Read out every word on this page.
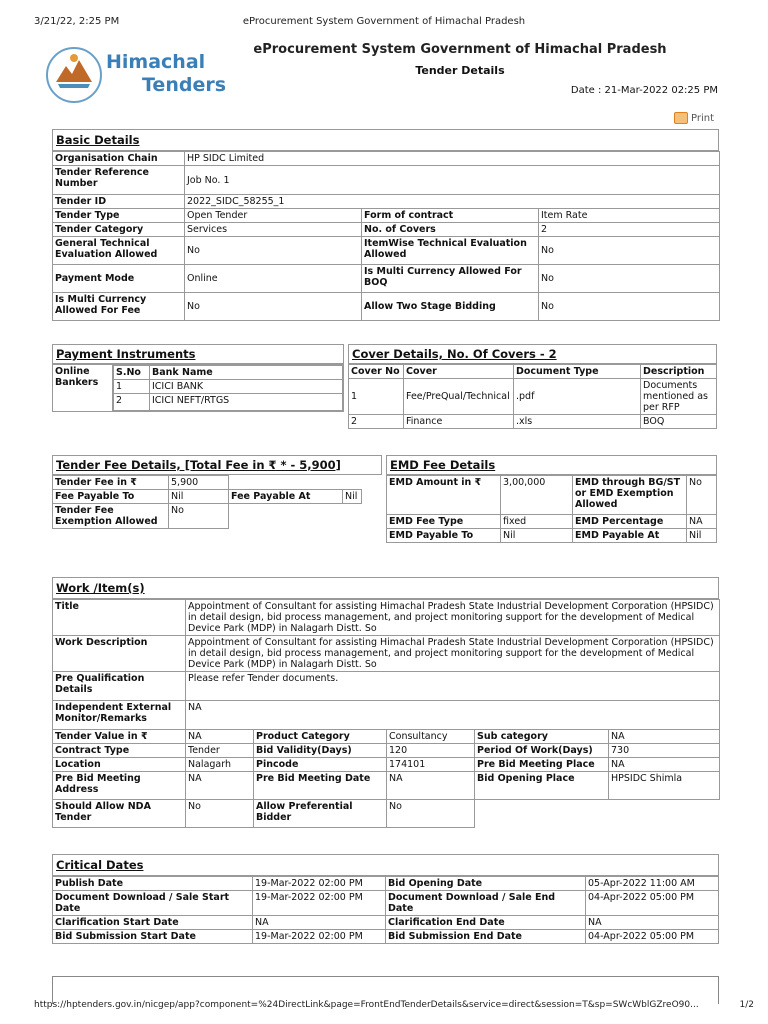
3/21/22, 2:25 PM	eProcurement System Government of Himachal Pradesh
Himachal
Tenders
eProcurement System Government of Himachal Pradesh
Tender Details
Date : 21-Mar-2022 02:25 PM
Print
Basic Details
Organisation Chain	HP SIDC Limited		
Tender Reference Number	Job No. 1		
Tender ID	2022_SIDC_58255_1		
Tender Type	Open Tender	Form of contract	Item Rate
Tender Category	Services	No. of Covers	2
General Technical Evaluation Allowed	No	ItemWise Technical Evaluation Allowed	No
Payment Mode	Online	Is Multi Currency Allowed For BOQ	No
Is Multi Currency Allowed For Fee	No	Allow Two Stage Bidding	No
Payment Instruments
Online Bankers	
S.No	Bank Name
1	ICICI BANK
2	ICICI NEFT/RTGS
Cover Details, No. Of Covers - 2
Cover No	Cover	Document Type	Description
1	Fee/PreQual/Technical	.pdf	Documents mentioned as per RFP
2	Finance	.xls	BOQ
Tender Fee Details, [Total Fee in ₹ * - 5,900]
Tender Fee in ₹	5,900		
Fee Payable To	Nil	Fee Payable At	Nil
Tender Fee Exemption Allowed	No		
EMD Fee Details
EMD Amount in ₹	3,00,000	EMD through BG/ST or EMD Exemption Allowed	No
EMD Fee Type	fixed	EMD Percentage	NA
EMD Payable To	Nil	EMD Payable At	Nil
Work /Item(s)
Title	Appointment of Consultant for assisting Himachal Pradesh State Industrial Development Corporation (HPSIDC) in detail design, bid process management, and project monitoring support for the development of Medical Device Park (MDP) in Nalagarh Distt. So				
Work Description	Appointment of Consultant for assisting Himachal Pradesh State Industrial Development Corporation (HPSIDC) in detail design, bid process management, and project monitoring support for the development of Medical Device Park (MDP) in Nalagarh Distt. So				
Pre Qualification Details	Please refer Tender documents.				
Independent External Monitor/Remarks	NA				
Tender Value in ₹	NA	Product Category	Consultancy	Sub category	NA
Contract Type	Tender	Bid Validity(Days)	120	Period Of Work(Days)	730
Location	Nalagarh	Pincode	174101	Pre Bid Meeting Place	NA
Pre Bid Meeting Address	NA	Pre Bid Meeting Date	NA	Bid Opening Place	HPSIDC Shimla
Should Allow NDA Tender	No	Allow Preferential Bidder	No		
Critical Dates
Publish Date	19-Mar-2022 02:00 PM	Bid Opening Date	05-Apr-2022 11:00 AM
Document Download / Sale Start Date	19-Mar-2022 02:00 PM	Document Download / Sale End Date	04-Apr-2022 05:00 PM
Clarification Start Date	NA	Clarification End Date	NA
Bid Submission Start Date	19-Mar-2022 02:00 PM	Bid Submission End Date	04-Apr-2022 05:00 PM
https://hptenders.gov.in/nicgep/app?component=%24DirectLink&page=FrontEndTenderDetails&service=direct&session=T&sp=SWcWblGZreO90...	1/2
